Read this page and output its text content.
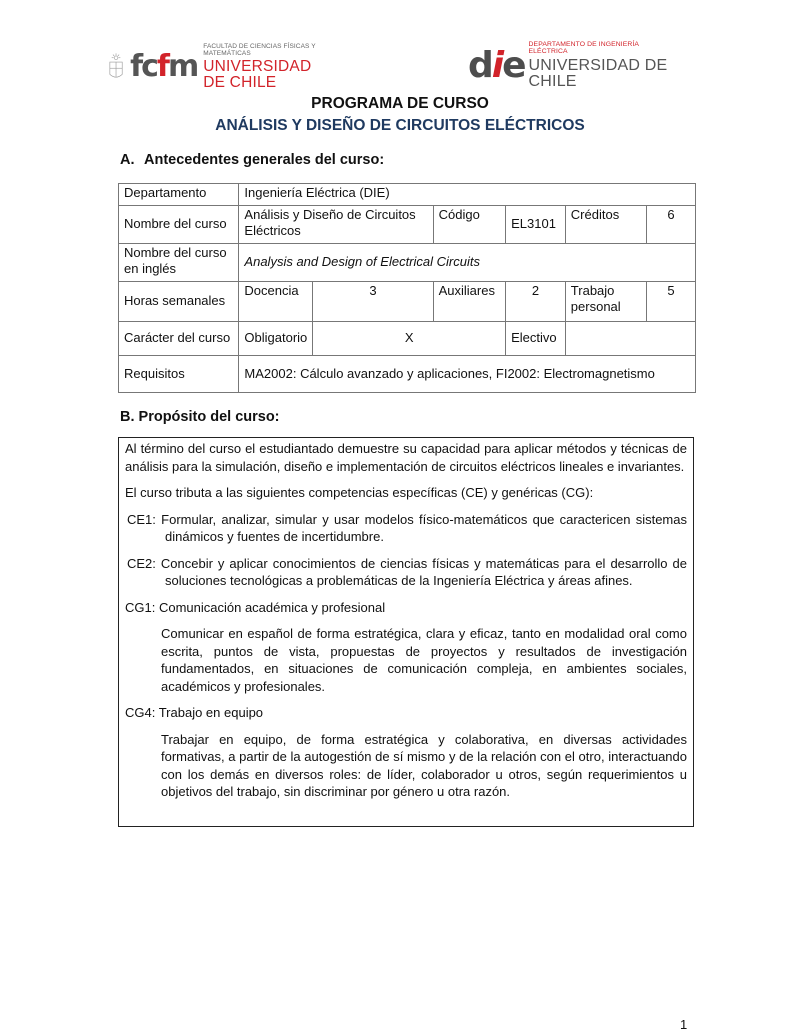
fcfm
FACULTAD DE CIENCIAS FÍSICAS Y MATEMÁTICAS
UNIVERSIDAD DE CHILE	die
DEPARTAMENTO DE INGENIERÍA ELÉCTRICA
UNIVERSIDAD DE CHILE
PROGRAMA DE CURSO
ANÁLISIS Y DISEÑO DE CIRCUITOS ELÉCTRICOS
A. Antecedentes generales del curso:
Departamento	Ingeniería Eléctrica (DIE)					
Nombre del curso	Análisis y Diseño de Circuitos Eléctricos		Código	EL3101	Créditos	6
Nombre del curso en inglés	Analysis and Design of Electrical Circuits					
Horas semanales	Docencia	3	Auxiliares	2	Trabajo personal	5
Carácter del curso	Obligatorio	X		Electivo		
Requisitos	MA2002: Cálculo avanzado y aplicaciones, FI2002: Electromagnetismo					
B. Propósito del curso:

Al término del curso el estudiantado demuestre su capacidad para aplicar métodos y técnicas de análisis para la simulación, diseño e implementación de circuitos eléctricos lineales e invariantes.

El curso tributa a las siguientes competencias específicas (CE) y genéricas (CG):

CE1: Formular, analizar, simular y usar modelos físico-matemáticos que caractericen sistemas dinámicos y fuentes de incertidumbre.

CE2: Concebir y aplicar conocimientos de ciencias físicas y matemáticas para el desarrollo de soluciones tecnológicas a problemáticas de la Ingeniería Eléctrica y áreas afines.

CG1: Comunicación académica y profesional

Comunicar en español de forma estratégica, clara y eficaz, tanto en modalidad oral como escrita, puntos de vista, propuestas de proyectos y resultados de investigación fundamentados, en situaciones de comunicación compleja, en ambientes sociales, académicos y profesionales.

CG4: Trabajo en equipo

Trabajar en equipo, de forma estratégica y colaborativa, en diversas actividades formativas, a partir de la autogestión de sí mismo y de la relación con el otro, interactuando con los demás en diversos roles: de líder, colaborador u otros, según requerimientos u objetivos del trabajo, sin discriminar por género u otra razón.

1
